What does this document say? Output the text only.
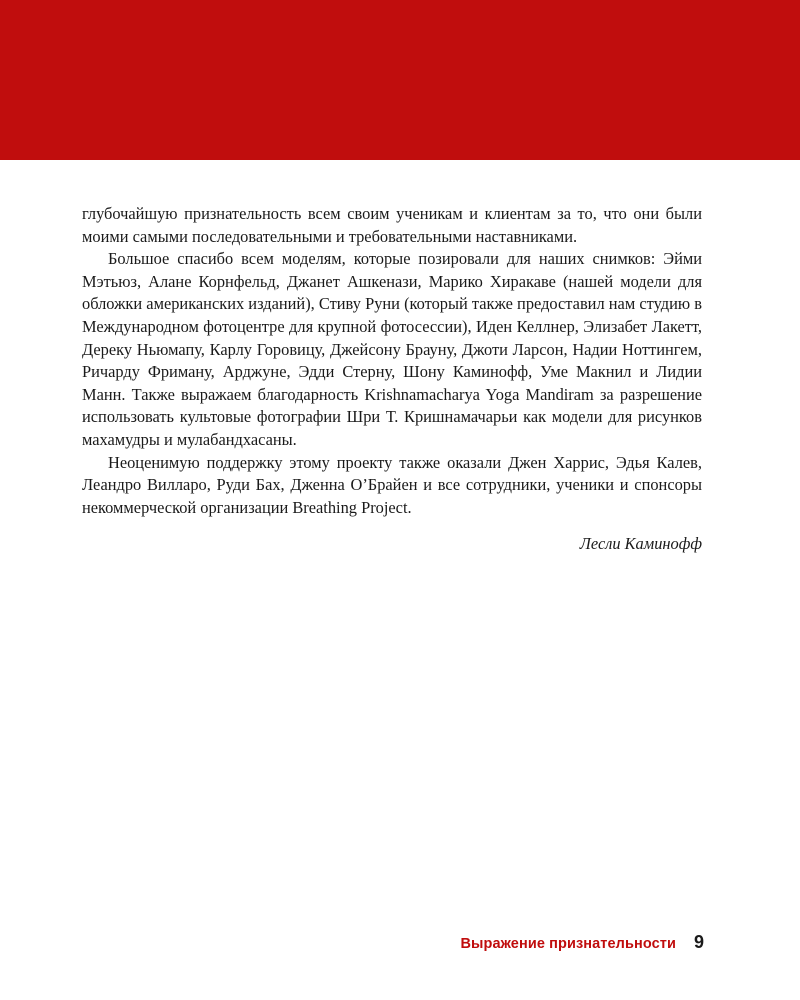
глубочайшую признательность всем своим ученикам и клиентам за то, что они были моими самыми последовательными и требовательными наставниками.

Большое спасибо всем моделям, которые позировали для наших снимков: Эйми Мэтьюз, Алане Корнфельд, Джанет Ашкенази, Марико Хиракаве (нашей модели для обложки американских изданий), Стиву Руни (который также предоставил нам студию в Международном фотоцентре для крупной фотосессии), Иден Келлнер, Элизабет Лакетт, Дереку Ньюмапу, Карлу Горовицу, Джейсону Брауну, Джоти Ларсон, Надии Ноттингем, Ричарду Фриману, Арджуне, Эдди Стерну, Шону Каминофф, Уме Макнил и Лидии Манн. Также выражаем благодарность Krishnamacharya Yoga Mandiram за разрешение использовать культовые фотографии Шри Т. Кришнамачарьи как модели для рисунков махамудры и мулабандхасаны.

Неоценимую поддержку этому проекту также оказали Джен Харрис, Эдья Калев, Леандро Вилларо, Руди Бах, Дженна О’Брайен и все сотрудники, ученики и спонсоры некоммерческой организации Breathing Project.

Лесли Каминофф
Выражение признательности 9
